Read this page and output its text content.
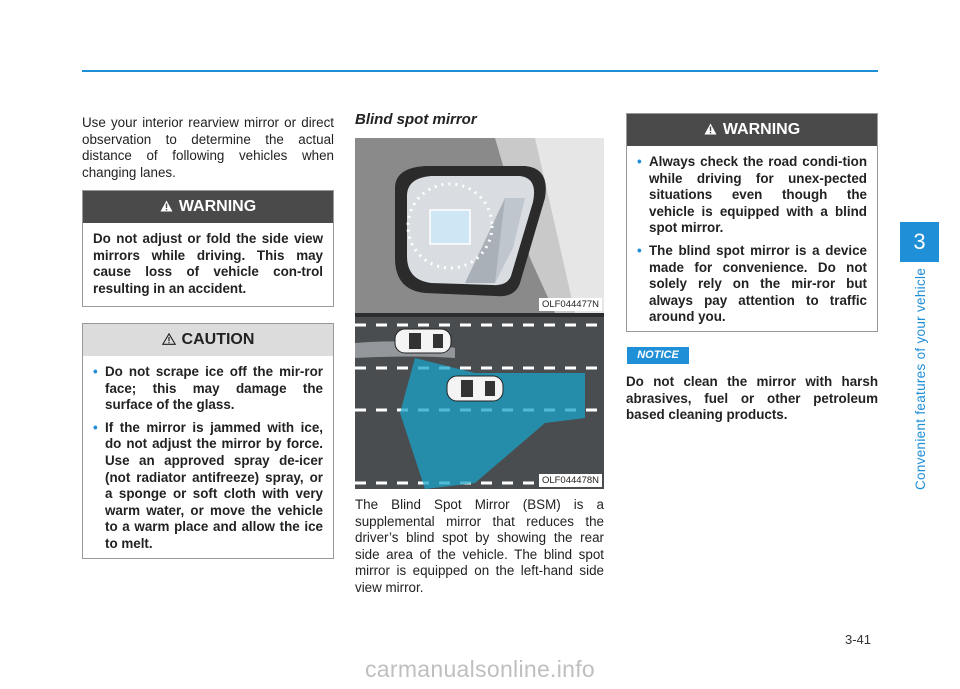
3
Convenient features of your vehicle

Use your interior rearview mirror or direct observation to determine the actual distance of following vehicles when changing lanes.

WARNING
Do not adjust or fold the side view mirrors while driving. This may cause loss of vehicle con-trol resulting in an accident.
CAUTION
• Do not scrape ice off the mir-ror face; this may damage the surface of the glass.
• If the mirror is jammed with ice, do not adjust the mirror by force. Use an approved spray de-icer (not radiator antifreeze) spray, or a sponge or soft cloth with very warm water, or move the vehicle to a warm place and allow the ice to melt.
Blind spot mirror
OLF044477N
OLF044478N

The Blind Spot Mirror (BSM) is a supplemental mirror that reduces the driver’s blind spot by showing the rear side area of the vehicle. The blind spot mirror is equipped on the left-hand side view mirror.

WARNING
• Always check the road condi-tion while driving for unex-pected situations even though the vehicle is equipped with a blind spot mirror.
• The blind spot mirror is a device made for convenience. Do not solely rely on the mir-ror but always pay attention to traffic around you.
NOTICE

Do not clean the mirror with harsh abrasives, fuel or other petroleum based cleaning products.

3-41
carmanualsonline.info
